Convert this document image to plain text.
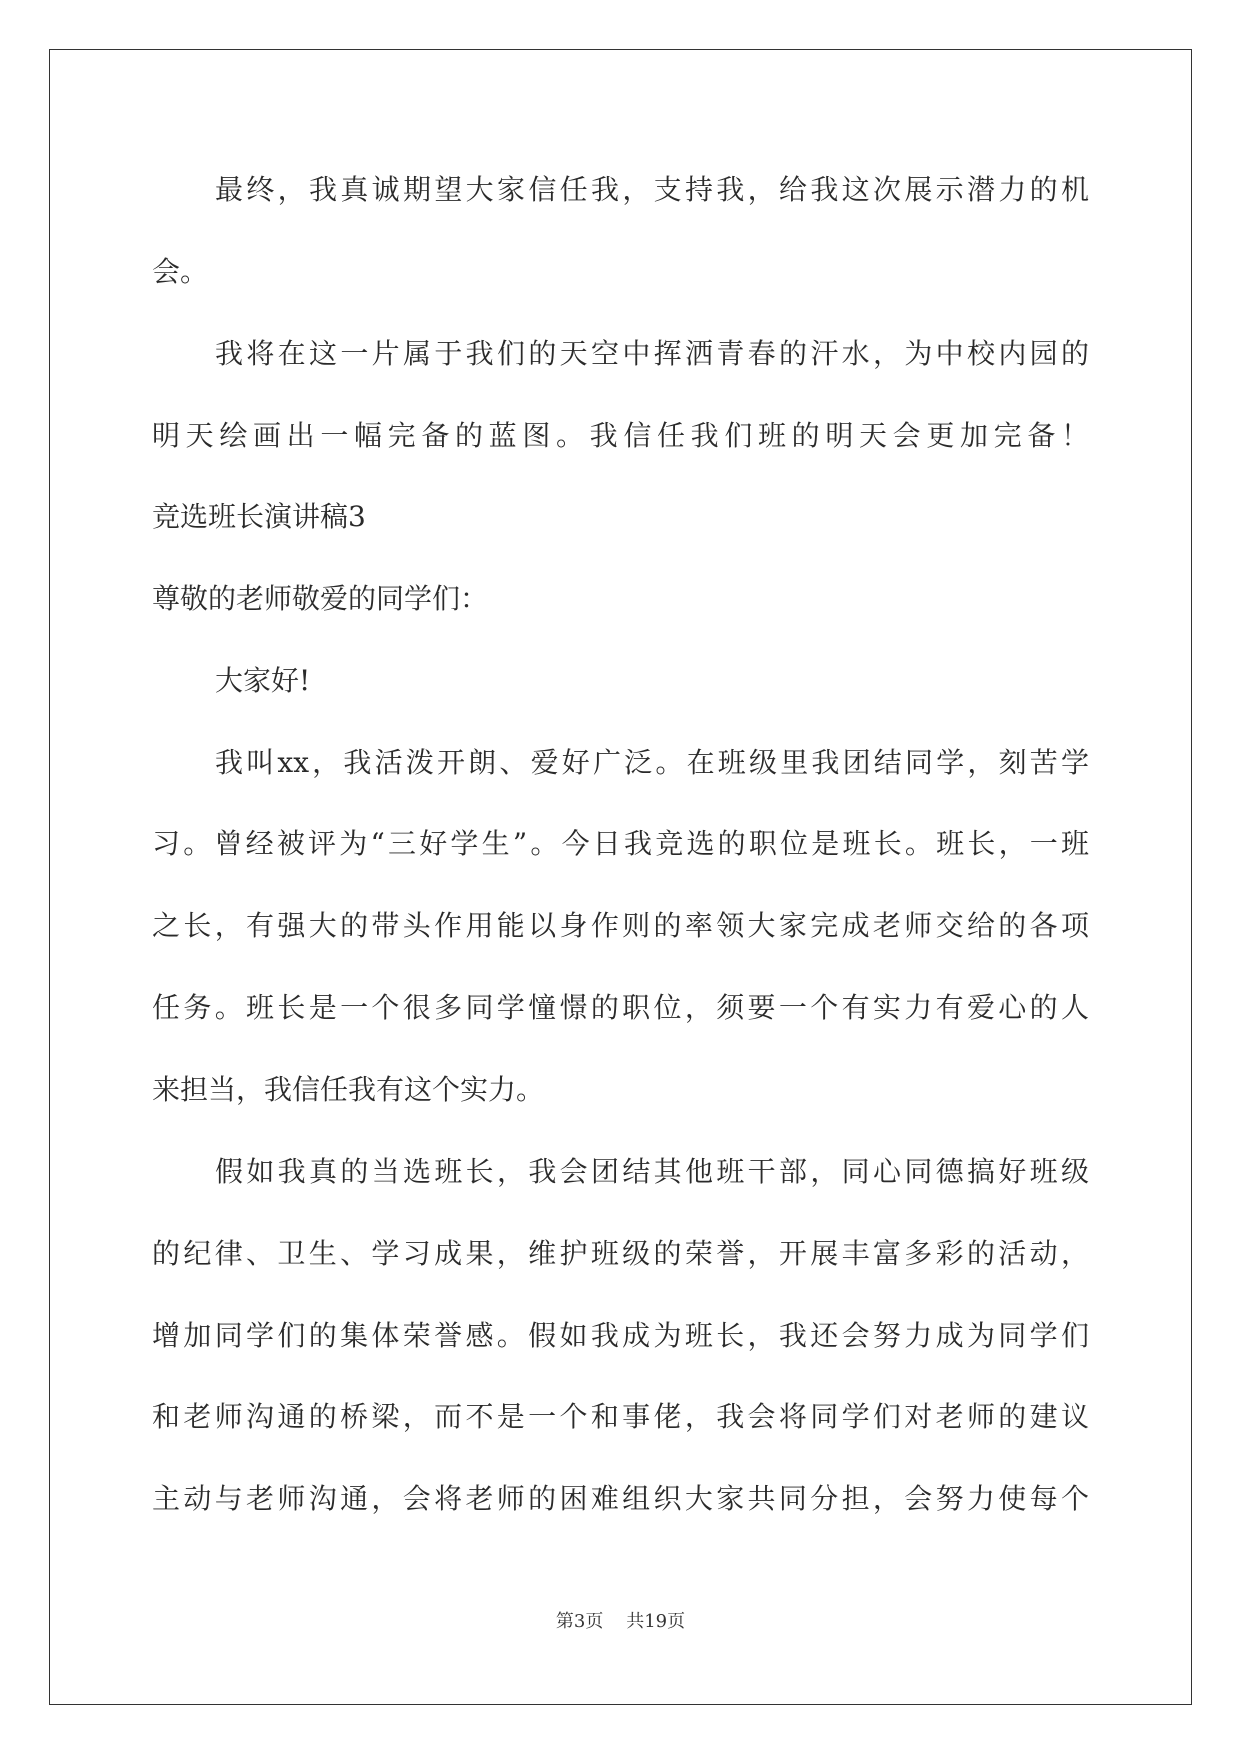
最终，我真诚期望大家信任我，支持我，给我这次展示潜力的机
会。
我将在这一片属于我们的天空中挥洒青春的汗水，为中校内园的
明天绘画出一幅完备的蓝图。我信任我们班的明天会更加完备！
竞选班长演讲稿3
尊敬的老师敬爱的同学们：
大家好!
我叫xx，我活泼开朗、爱好广泛。在班级里我团结同学，刻苦学
习。曾经被评为“三好学生”。今日我竞选的职位是班长。班长，一班
之长，有强大的带头作用能以身作则的率领大家完成老师交给的各项
任务。班长是一个很多同学憧憬的职位，须要一个有实力有爱心的人
来担当，我信任我有这个实力。
假如我真的当选班长，我会团结其他班干部，同心同德搞好班级
的纪律、卫生、学习成果，维护班级的荣誉，开展丰富多彩的活动，
增加同学们的集体荣誉感。假如我成为班长，我还会努力成为同学们
和老师沟通的桥梁，而不是一个和事佬，我会将同学们对老师的建议
主动与老师沟通，会将老师的困难组织大家共同分担，会努力使每个
第3页 共19页
